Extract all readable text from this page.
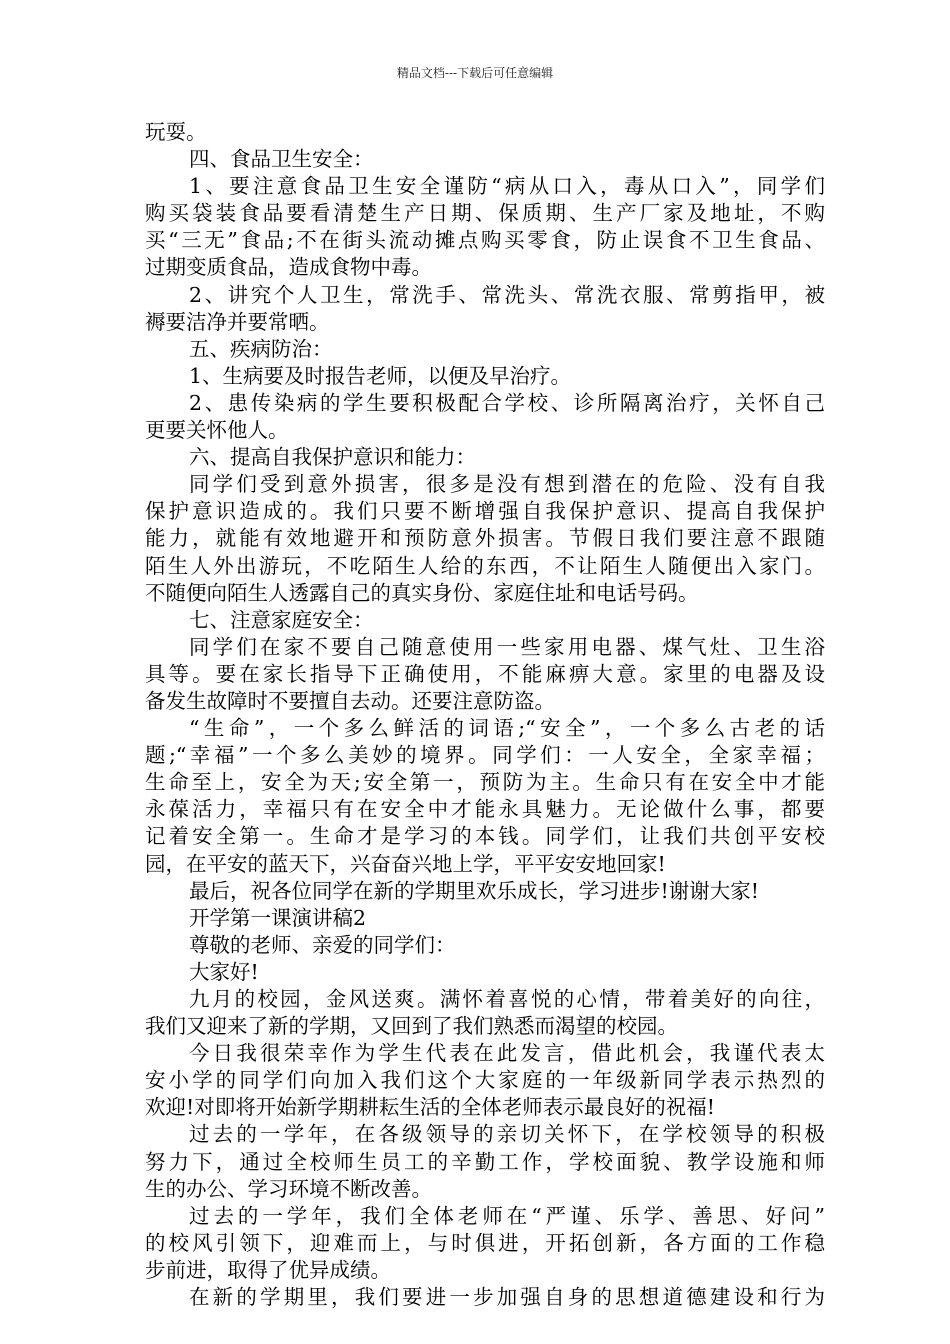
精品文档---下载后可任意编辑

玩耍。

四、食品卫生安全：

1、要注意食品卫生安全谨防“病从口入，毒从口入”，同学们

购买袋装食品要看清楚生产日期、保质期、生产厂家及地址，不购

买“三无”食品;不在街头流动摊点购买零食，防止误食不卫生食品、

过期变质食品，造成食物中毒。

2、讲究个人卫生，常洗手、常洗头、常洗衣服、常剪指甲，被

褥要洁净并要常晒。

五、疾病防治：

1、生病要及时报告老师，以便及早治疗。

2、患传染病的学生要积极配合学校、诊所隔离治疗，关怀自己

更要关怀他人。

六、提高自我保护意识和能力：

同学们受到意外损害，很多是没有想到潜在的危险、没有自我

保护意识造成的。我们只要不断增强自我保护意识、提高自我保护

能力，就能有效地避开和预防意外损害。节假日我们要注意不跟随

陌生人外出游玩，不吃陌生人给的东西，不让陌生人随便出入家门。

不随便向陌生人透露自己的真实身份、家庭住址和电话号码。

七、注意家庭安全：

同学们在家不要自己随意使用一些家用电器、煤气灶、卫生浴

具等。要在家长指导下正确使用，不能麻痹大意。家里的电器及设

备发生故障时不要擅自去动。还要注意防盗。

“生命”，一个多么鲜活的词语;“安全”，一个多么古老的话

题;“幸福”一个多么美妙的境界。同学们：一人安全，全家幸福；

生命至上，安全为天;安全第一，预防为主。生命只有在安全中才能

永葆活力，幸福只有在安全中才能永具魅力。无论做什么事，都要

记着安全第一。生命才是学习的本钱。同学们，让我们共创平安校

园，在平安的蓝天下，兴奋奋兴地上学，平平安安地回家!

最后，祝各位同学在新的学期里欢乐成长，学习进步!谢谢大家!

开学第一课演讲稿2

尊敬的老师、亲爱的同学们：

大家好!

九月的校园，金风送爽。满怀着喜悦的心情，带着美好的向往，

我们又迎来了新的学期，又回到了我们熟悉而渴望的校园。

今日我很荣幸作为学生代表在此发言，借此机会，我谨代表太

安小学的同学们向加入我们这个大家庭的一年级新同学表示热烈的

欢迎!对即将开始新学期耕耘生活的全体老师表示最良好的祝福!

过去的一学年，在各级领导的亲切关怀下，在学校领导的积极

努力下，通过全校师生员工的辛勤工作，学校面貌、教学设施和师

生的办公、学习环境不断改善。

过去的一学年，我们全体老师在“严谨、乐学、善思、好问”

的校风引领下，迎难而上，与时俱进，开拓创新，各方面的工作稳

步前进，取得了优异成绩。

在新的学期里，我们要进一步加强自身的思想道德建设和行为
